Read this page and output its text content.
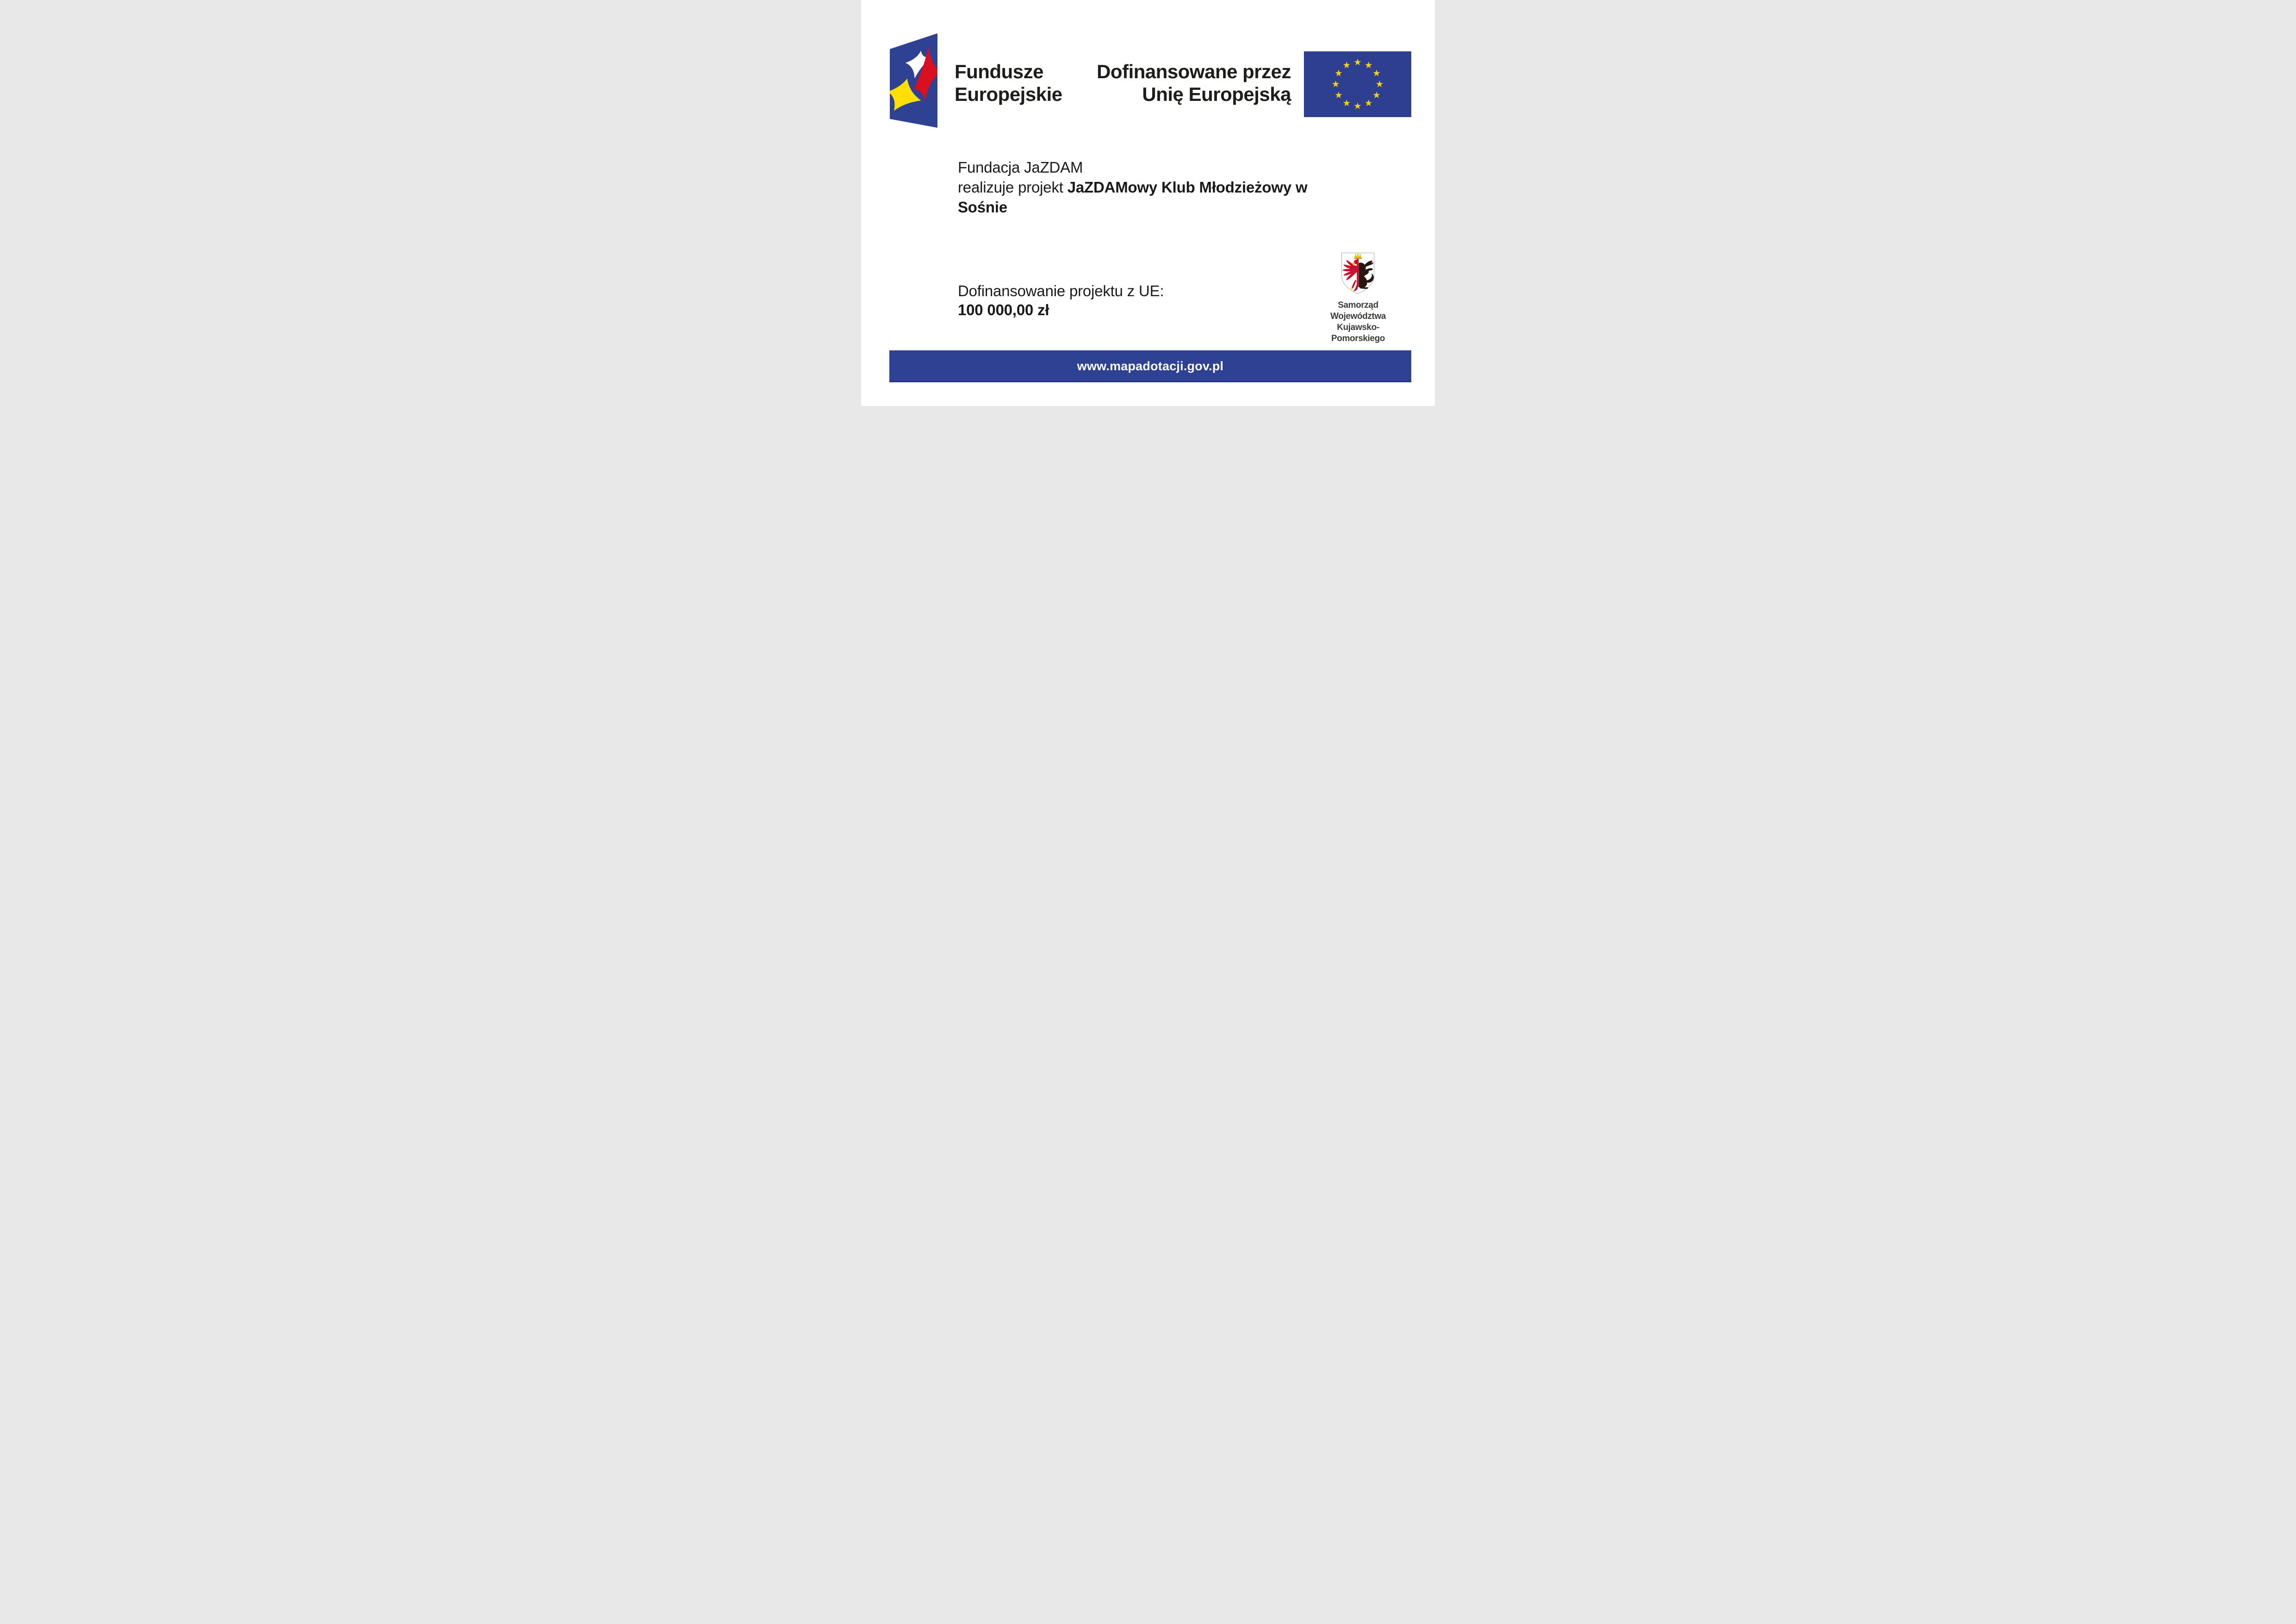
Fundusze

Europejskie

Dofinansowane przez

Unię Europejską

Fundacja JaZDAM
realizuje projekt JaZDAMowy Klub Młodzieżowy w
Sośnie

Dofinansowanie projektu z UE:
100 000,00 zł	Samorząd Województwa

Kujawsko-Pomorskiego

www.mapadotacji.gov.pl
